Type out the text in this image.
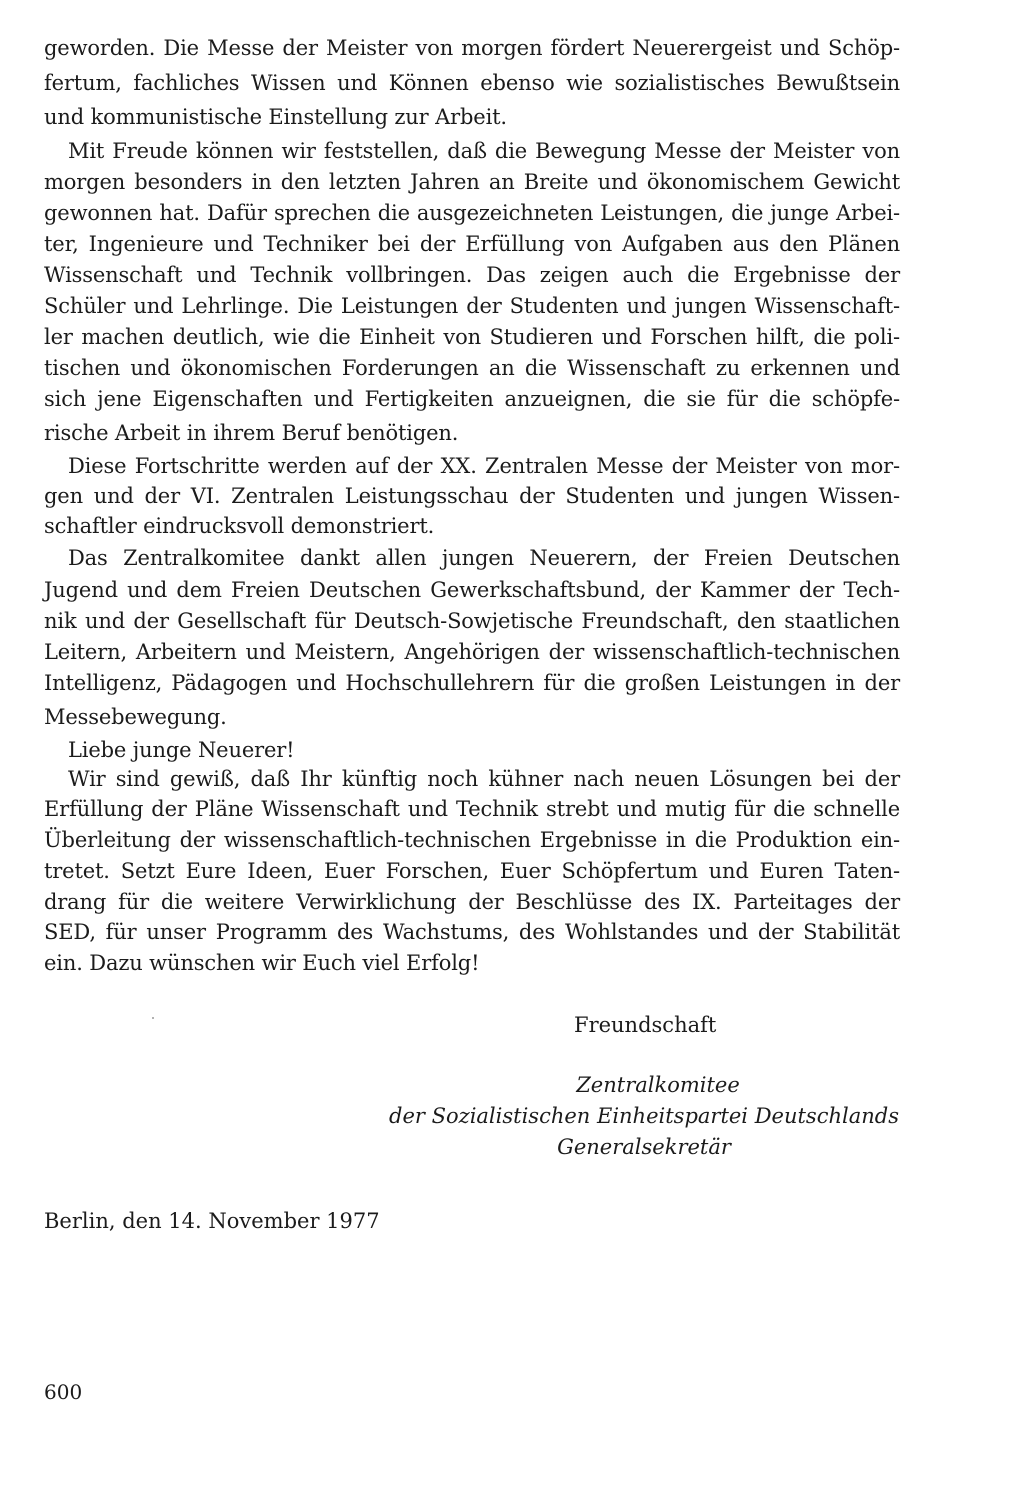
geworden. Die Messe der Meister von morgen fördert Neuerergeist und Schöp-
fertum, fachliches Wissen und Können ebenso wie sozialistisches Bewußtsein
und kommunistische Einstellung zur Arbeit.
Mit Freude können wir feststellen, daß die Bewegung Messe der Meister von
morgen besonders in den letzten Jahren an Breite und ökonomischem Gewicht
gewonnen hat. Dafür sprechen die ausgezeichneten Leistungen, die junge Arbei-
ter, Ingenieure und Techniker bei der Erfüllung von Aufgaben aus den Plänen
Wissenschaft und Technik vollbringen. Das zeigen auch die Ergebnisse der
Schüler und Lehrlinge. Die Leistungen der Studenten und jungen Wissenschaft-
ler machen deutlich, wie die Einheit von Studieren und Forschen hilft, die poli-
tischen und ökonomischen Forderungen an die Wissenschaft zu erkennen und
sich jene Eigenschaften und Fertigkeiten anzueignen, die sie für die schöpfe-
rische Arbeit in ihrem Beruf benötigen.
Diese Fortschritte werden auf der XX. Zentralen Messe der Meister von mor-
gen und der VI. Zentralen Leistungsschau der Studenten und jungen Wissen-
schaftler eindrucksvoll demonstriert.
Das Zentralkomitee dankt allen jungen Neuerern, der Freien Deutschen
Jugend und dem Freien Deutschen Gewerkschaftsbund, der Kammer der Tech-
nik und der Gesellschaft für Deutsch-Sowjetische Freundschaft, den staatlichen
Leitern, Arbeitern und Meistern, Angehörigen der wissenschaftlich-technischen
Intelligenz, Pädagogen und Hochschullehrern für die großen Leistungen in der
Messebewegung.
Liebe junge Neuerer!
Wir sind gewiß, daß Ihr künftig noch kühner nach neuen Lösungen bei der
Erfüllung der Pläne Wissenschaft und Technik strebt und mutig für die schnelle
Überleitung der wissenschaftlich-technischen Ergebnisse in die Produktion ein-
tretet. Setzt Eure Ideen, Euer Forschen, Euer Schöpfertum und Euren Taten-
drang für die weitere Verwirklichung der Beschlüsse des IX. Parteitages der
SED, für unser Programm des Wachstums, des Wohlstandes und der Stabilität
ein. Dazu wünschen wir Euch viel Erfolg!
Freundschaft
Zentralkomitee
der Sozialistischen Einheitspartei Deutschlands
Generalsekretär
Berlin, den 14. November 1977
600
